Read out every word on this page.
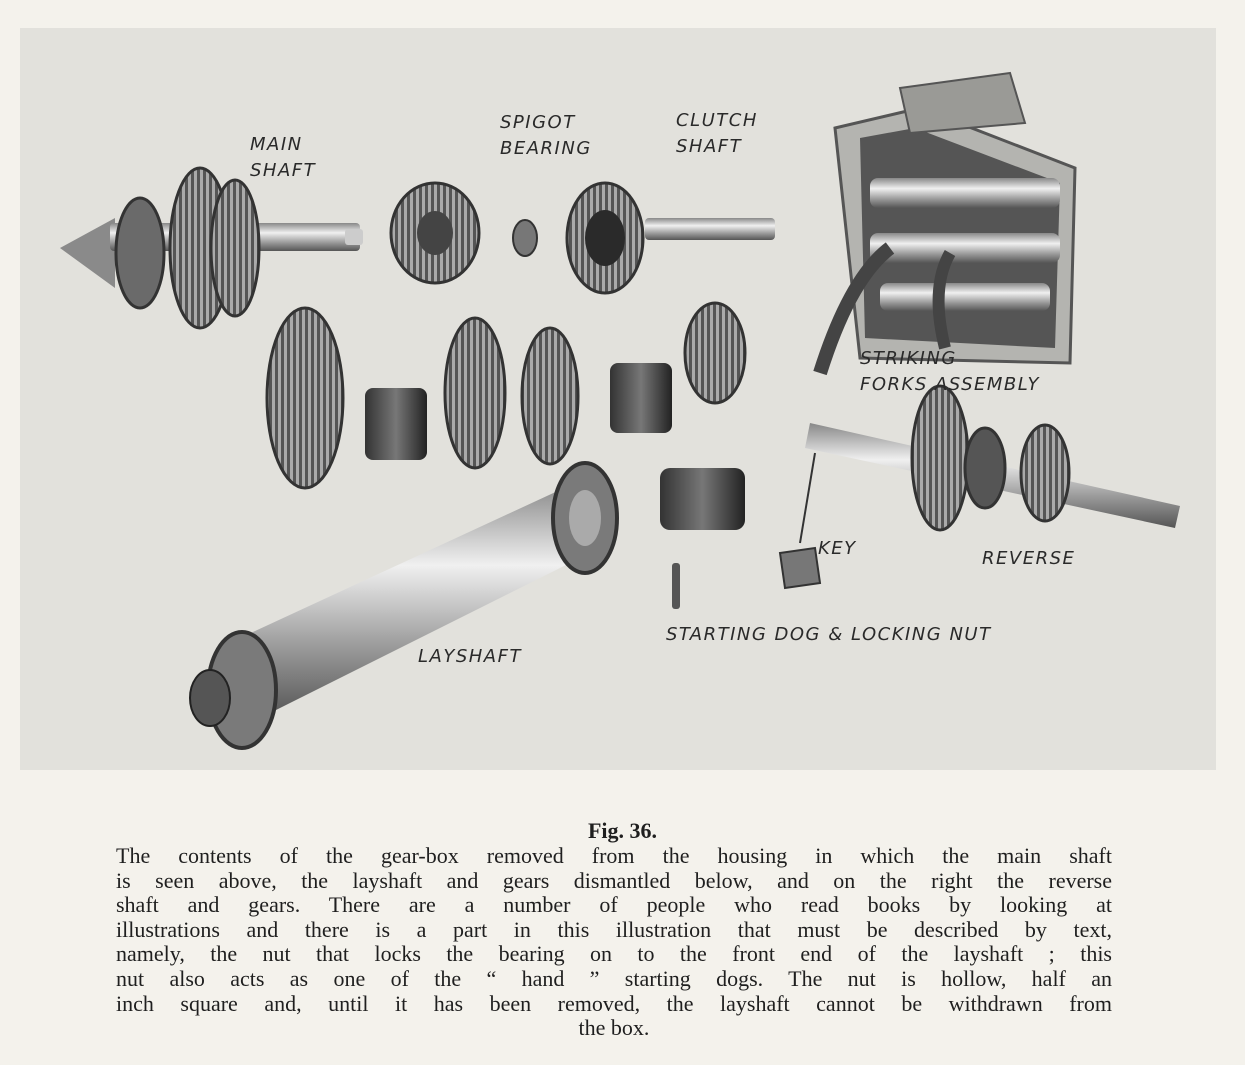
MAIN
SHAFT
SPIGOT
BEARING
CLUTCH
SHAFT
STRIKING
FORKS ASSEMBLY
KEY	REVERSE
LAYSHAFT
STARTING DOG & LOCKING NUT
Fig. 36.
The contents of the gear-box removed from the housing in which the main shaft
is seen above, the layshaft and gears dismantled below, and on the right the reverse
shaft and gears. There are a number of people who read books by looking at
illustrations and there is a part in this illustration that must be described by text,
namely, the nut that locks the bearing on to the front end of the layshaft ; this
nut also acts as one of the “ hand ” starting dogs. The nut is hollow, half an
inch square and, until it has been removed, the layshaft cannot be withdrawn from
the box.
